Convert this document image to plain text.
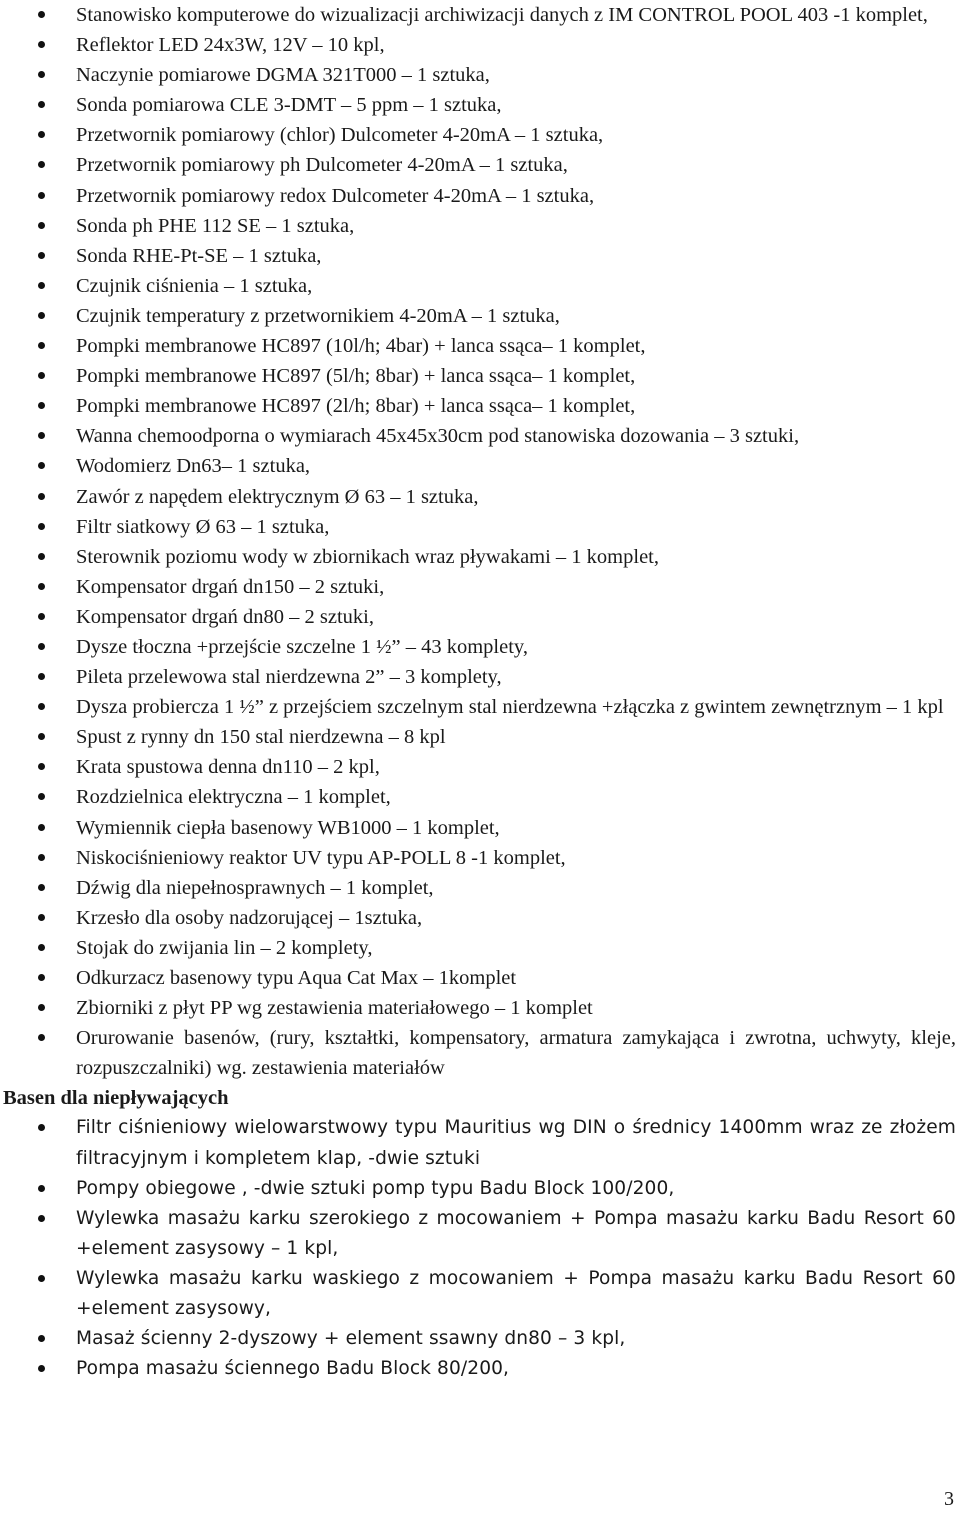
Stanowisko komputerowe do wizualizacji archiwizacji danych z IM CONTROL POOL 403 -1 komplet,
Reflektor LED 24x3W, 12V – 10 kpl,
Naczynie pomiarowe DGMA 321T000 – 1 sztuka,
Sonda pomiarowa CLE 3-DMT – 5 ppm – 1 sztuka,
Przetwornik pomiarowy (chlor) Dulcometer 4-20mA – 1 sztuka,
Przetwornik pomiarowy ph Dulcometer 4-20mA – 1 sztuka,
Przetwornik pomiarowy redox Dulcometer 4-20mA – 1 sztuka,
Sonda ph PHE 112 SE – 1 sztuka,
Sonda RHE-Pt-SE – 1 sztuka,
Czujnik ciśnienia – 1 sztuka,
Czujnik temperatury z przetwornikiem 4-20mA – 1 sztuka,
Pompki membranowe HC897 (10l/h; 4bar) + lanca ssąca– 1 komplet,
Pompki membranowe HC897 (5l/h; 8bar) + lanca ssąca– 1 komplet,
Pompki membranowe HC897 (2l/h; 8bar) + lanca ssąca– 1 komplet,
Wanna chemoodporna o wymiarach 45x45x30cm pod stanowiska dozowania – 3 sztuki,
Wodomierz Dn63– 1 sztuka,
Zawór z napędem elektrycznym Ø 63 – 1 sztuka,
Filtr siatkowy Ø 63 – 1 sztuka,
Sterownik poziomu wody w zbiornikach wraz pływakami – 1 komplet,
Kompensator drgań dn150 – 2 sztuki,
Kompensator drgań dn80 – 2 sztuki,
Dysze tłoczna +przejście szczelne 1 ½” – 43 komplety,
Pileta przelewowa stal nierdzewna 2” – 3 komplety,
Dysza probiercza 1 ½” z przejściem szczelnym stal nierdzewna +złączka z gwintem zewnętrznym – 1 kpl
Spust z rynny dn 150 stal nierdzewna – 8 kpl
Krata spustowa denna dn110 – 2 kpl,
Rozdzielnica elektryczna – 1 komplet,
Wymiennik ciepła basenowy WB1000 – 1 komplet,
Niskociśnieniowy reaktor UV typu AP-POLL 8 -1 komplet,
Dźwig dla niepełnosprawnych – 1 komplet,
Krzesło dla osoby nadzorującej – 1sztuka,
Stojak do zwijania lin – 2 komplety,
Odkurzacz basenowy typu Aqua Cat Max – 1komplet
Zbiorniki z płyt PP wg zestawienia materiałowego – 1 komplet
Orurowanie basenów, (rury, kształtki, kompensatory, armatura zamykająca i zwrotna, uchwyty, kleje, rozpuszczalniki) wg. zestawienia materiałów
Basen dla niepływających
Filtr ciśnieniowy wielowarstwowy typu Mauritius wg DIN o średnicy 1400mm wraz ze złożem filtracyjnym i kompletem klap, -dwie sztuki
Pompy obiegowe , -dwie sztuki pomp typu Badu Block 100/200,
Wylewka masażu karku szerokiego z mocowaniem + Pompa masażu karku Badu Resort 60 +element zasysowy – 1 kpl,
Wylewka masażu karku waskiego z mocowaniem + Pompa masażu karku Badu Resort 60 +element zasysowy,
Masaż ścienny 2-dyszowy + element ssawny dn80 – 3 kpl,
Pompa masażu ściennego Badu Block 80/200,
3
